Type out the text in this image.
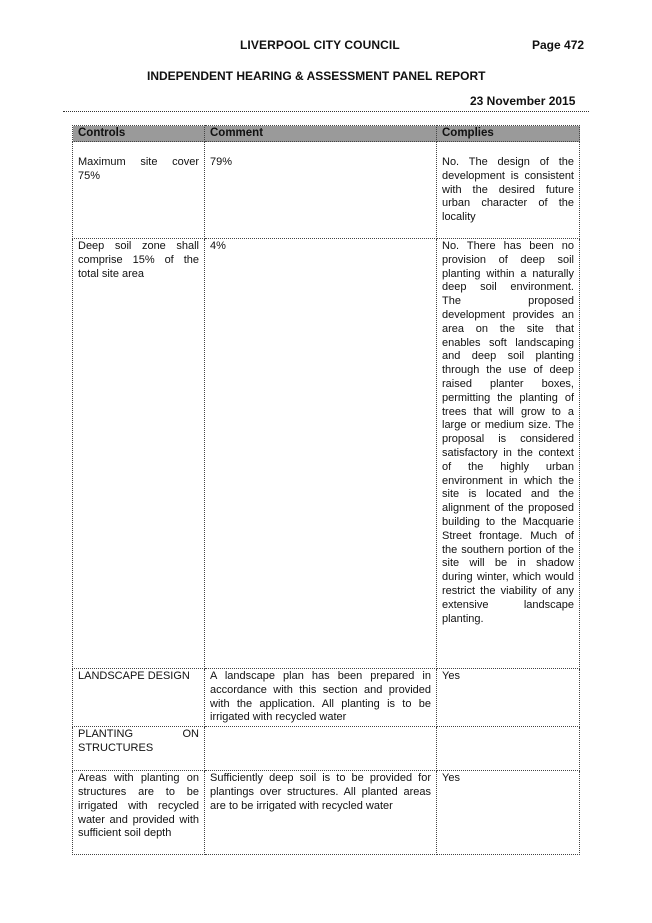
LIVERPOOL CITY COUNCIL	Page 472
INDEPENDENT HEARING & ASSESSMENT PANEL REPORT
23 November 2015
Controls	Comment	Complies

Maximum site cover 75%	79%	No. The design of the development is consistent with the desired future urban character of the locality

Deep soil zone shall comprise 15% of the total site area	4%	No. There has been no provision of deep soil planting within a naturally deep soil environment. The proposed development provides an area on the site that enables soft landscaping and deep soil planting through the use of deep raised planter boxes, permitting the planting of trees that will grow to a large or medium size. The proposal is considered satisfactory in the context of the highly urban environment in which the site is located and the alignment of the proposed building to the Macquarie Street frontage. Much of the southern portion of the site will be in shadow during winter, which would restrict the viability of any extensive landscape planting.

LANDSCAPE DESIGN	A landscape plan has been prepared in accordance with this section and provided with the application. All planting is to be irrigated with recycled water	Yes

PLANTING ON STRUCTURES		

Areas with planting on structures are to be irrigated with recycled water and provided with sufficient soil depth	Sufficiently deep soil is to be provided for plantings over structures. All planted areas are to be irrigated with recycled water	Yes
